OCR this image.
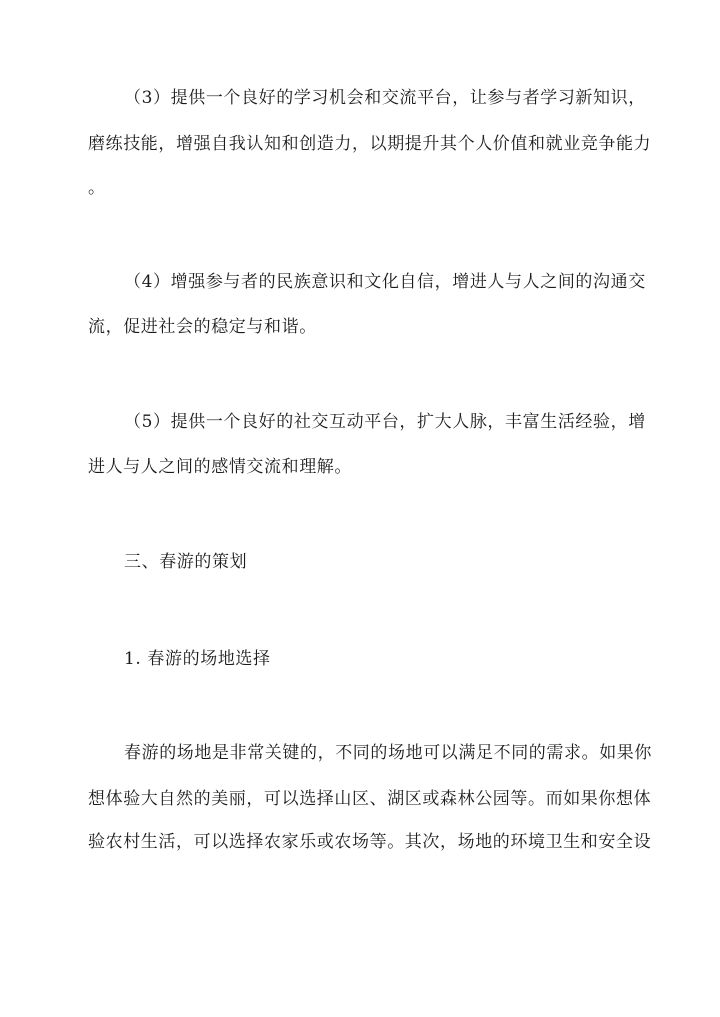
（3）提供一个良好的学习机会和交流平台，让参与者学习新知识，
磨练技能，增强自我认知和创造力，以期提升其个人价值和就业竞争能力
。
（4）增强参与者的民族意识和文化自信，增进人与人之间的沟通交
流，促进社会的稳定与和谐。
（5）提供一个良好的社交互动平台，扩大人脉，丰富生活经验，增
进人与人之间的感情交流和理解。
三、春游的策划
1. 春游的场地选择
春游的场地是非常关键的，不同的场地可以满足不同的需求。如果你
想体验大自然的美丽，可以选择山区、湖区或森林公园等。而如果你想体
验农村生活，可以选择农家乐或农场等。其次，场地的环境卫生和安全设
